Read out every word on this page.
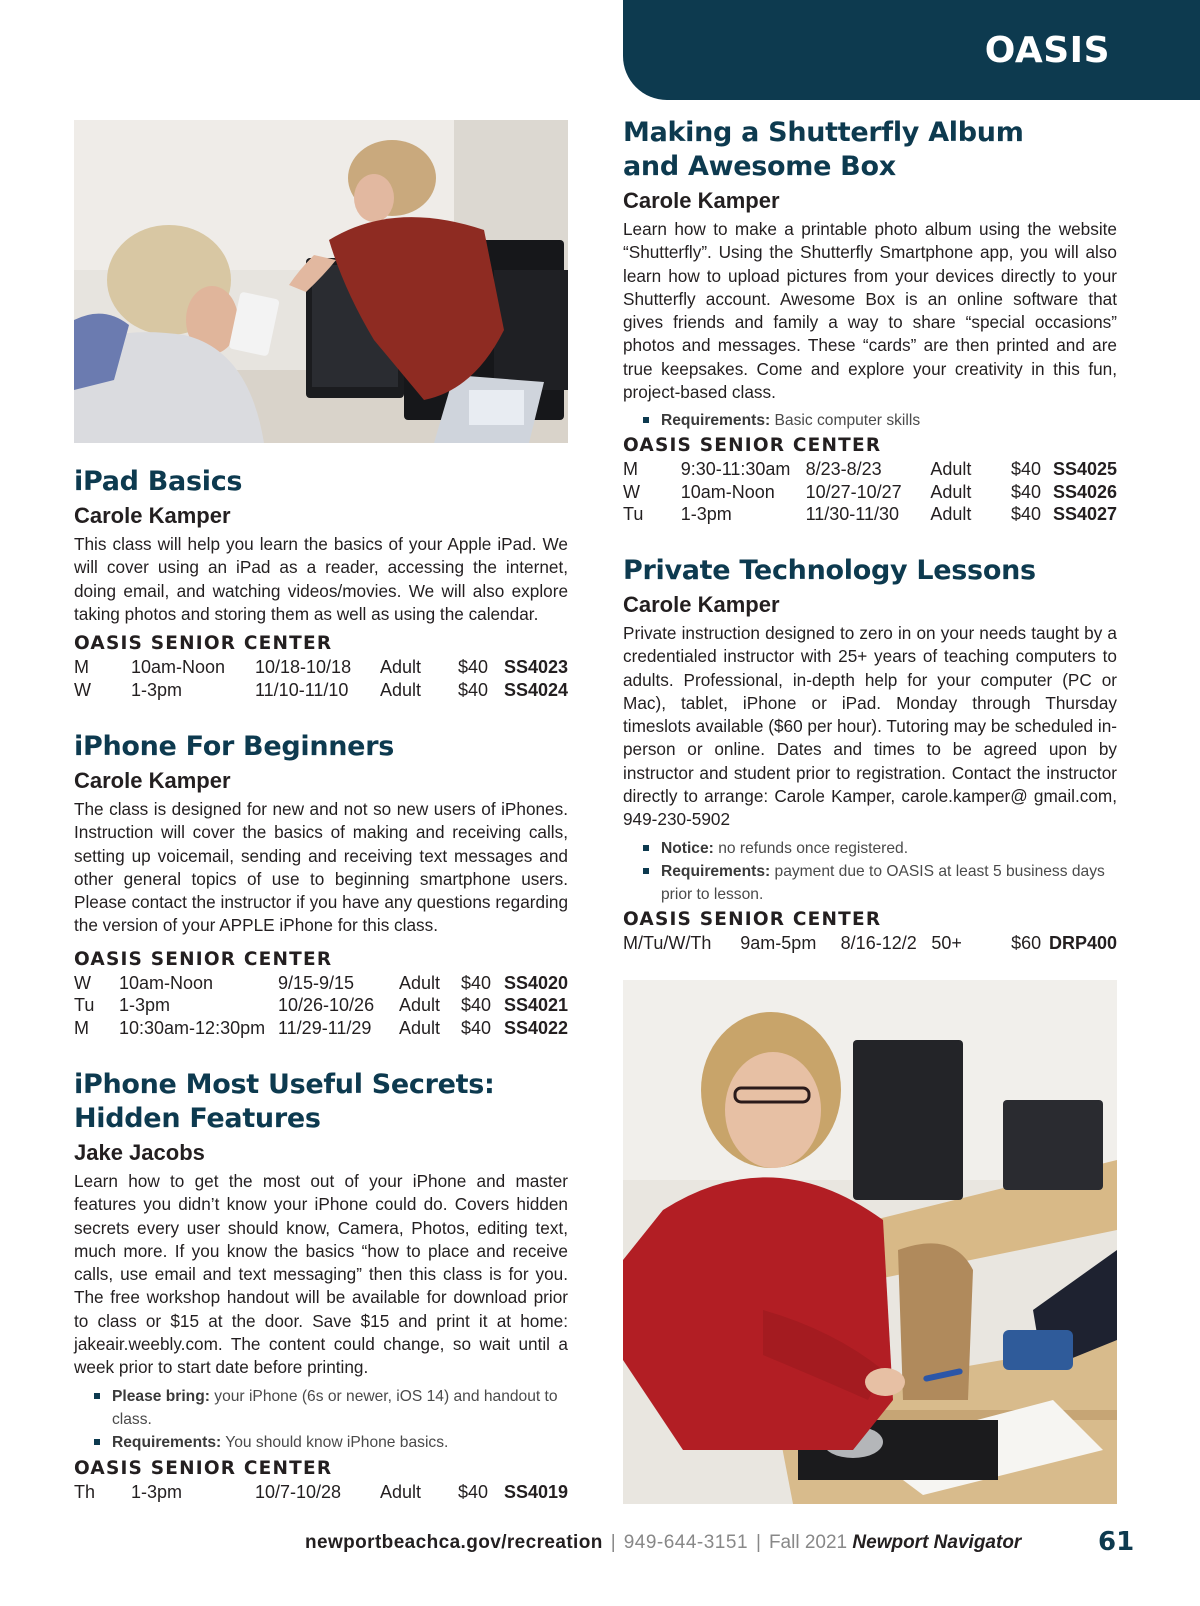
OASIS
iPad Basics
Carole Kamper
This class will help you learn the basics of your Apple iPad. We will cover using an iPad as a reader, accessing the internet, doing email, and watching videos/movies. We will also explore taking photos and storing them as well as using the calendar.
OASIS SENIOR CENTER
M	10am-Noon	10/18-10/18	Adult	$40	SS4023
W	1-3pm	11/10-11/10	Adult	$40	SS4024
iPhone For Beginners
Carole Kamper
The class is designed for new and not so new users of iPhones. Instruction will cover the basics of making and receiving calls, setting up voicemail, sending and receiving text messages and other general topics of use to beginning smartphone users. Please contact the instructor if you have any questions regarding the version of your APPLE iPhone for this class.
OASIS SENIOR CENTER
W	10am-Noon	9/15-9/15	Adult	$40	SS4020
Tu	1-3pm	10/26-10/26	Adult	$40	SS4021
M	10:30am-12:30pm	11/29-11/29	Adult	$40	SS4022
iPhone Most Useful Secrets:
Hidden Features
Jake Jacobs
Learn how to get the most out of your iPhone and master features you didn’t know your iPhone could do. Covers hidden secrets every user should know, Camera, Photos, editing text, much more. If you know the basics “how to place and receive calls, use email and text messaging” then this class is for you. The free workshop handout will be available for download prior to class or $15 at the door. Save $15 and print it at home: jakeair.weebly.com. The content could change, so wait until a week prior to start date before printing.
Please bring: your iPhone (6s or newer, iOS 14) and handout to class.
Requirements: You should know iPhone basics.
OASIS SENIOR CENTER
Th	1-3pm	10/7-10/28	Adult	$40	SS4019
Making a Shutterfly Album
and Awesome Box
Carole Kamper
Learn how to make a printable photo album using the website “Shutterfly”. Using the Shutterfly Smartphone app, you will also learn how to upload pictures from your devices directly to your Shutterfly account. Awesome Box is an online software that gives friends and family a way to share “special occasions” photos and messages. These “cards” are then printed and are true keepsakes. Come and explore your creativity in this fun, project-based class.
Requirements: Basic computer skills
OASIS SENIOR CENTER
M	9:30-11:30am	8/23-8/23	Adult	$40	SS4025
W	10am-Noon	10/27-10/27	Adult	$40	SS4026
Tu	1-3pm	11/30-11/30	Adult	$40	SS4027
Private Technology Lessons
Carole Kamper
Private instruction designed to zero in on your needs taught by a credentialed instructor with 25+ years of teaching computers to adults. Professional, in-depth help for your computer (PC or Mac), tablet, iPhone or iPad. Monday through Thursday timeslots available ($60 per hour). Tutoring may be scheduled in-person or online. Dates and times to be agreed upon by instructor and student prior to registration. Contact the instructor directly to arrange: Carole Kamper, carole.kamper@ gmail.com, 949-230-5902
Notice: no refunds once registered.
Requirements: payment due to OASIS at least 5 business days prior to lesson.
OASIS SENIOR CENTER
M/Tu/W/Th	9am-5pm	8/16-12/2	50+	$60	DRP400
newportbeachca.gov/recreation | 949-644-3151 | Fall 2021 Newport Navigator	61
